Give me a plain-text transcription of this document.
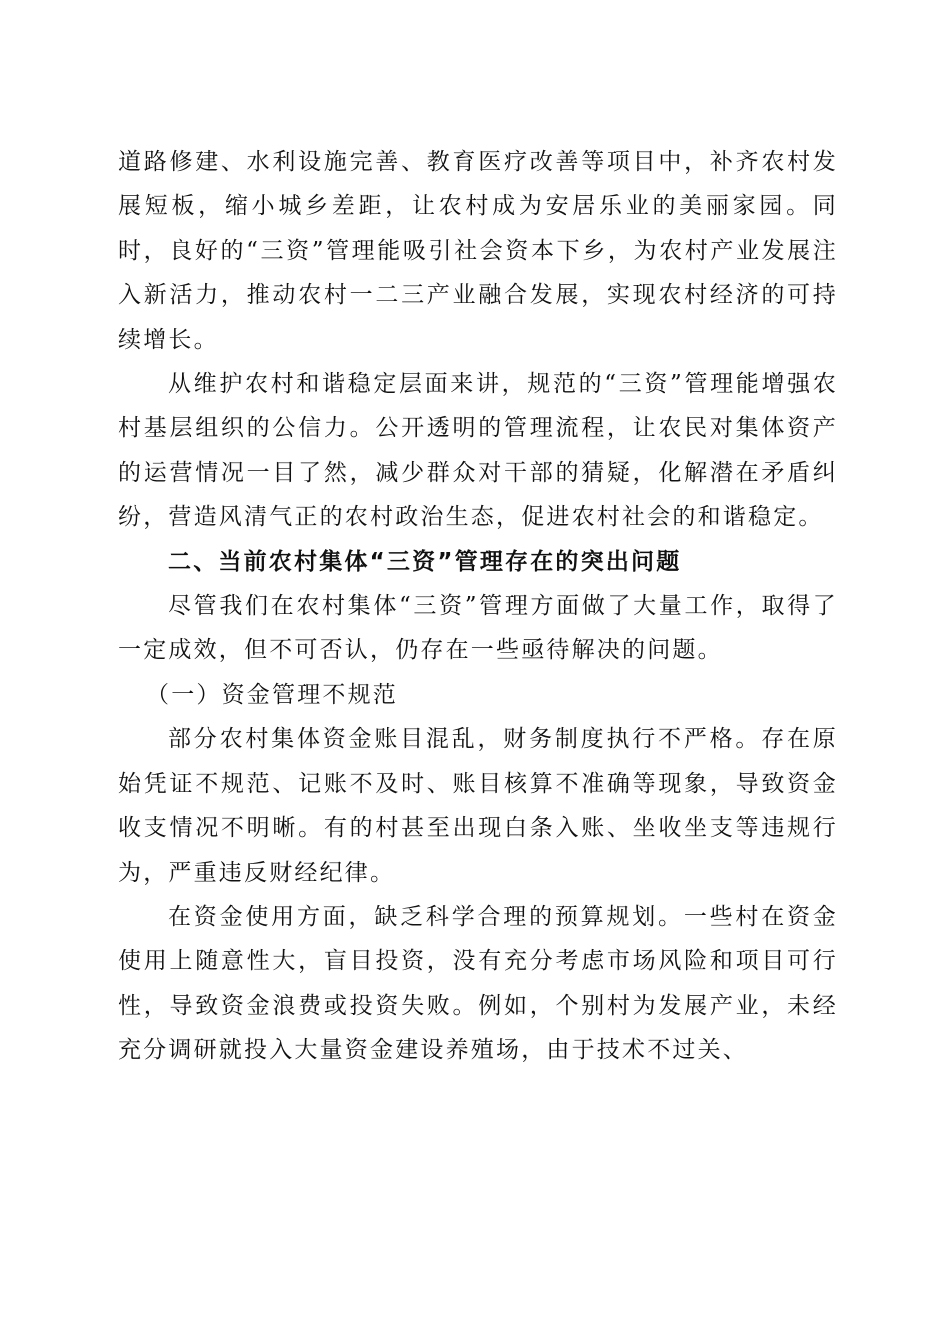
道路修建、水利设施完善、教育医疗改善等项目中，补齐农村发展短板，缩小城乡差距，让农村成为安居乐业的美丽家园。同时，良好的“三资”管理能吸引社会资本下乡，为农村产业发展注入新活力，推动农村一二三产业融合发展，实现农村经济的可持续增长。

从维护农村和谐稳定层面来讲，规范的“三资”管理能增强农村基层组织的公信力。公开透明的管理流程，让农民对集体资产的运营情况一目了然，减少群众对干部的猜疑，化解潜在矛盾纠纷，营造风清气正的农村政治生态，促进农村社会的和谐稳定。

二、当前农村集体“三资”管理存在的突出问题

尽管我们在农村集体“三资”管理方面做了大量工作，取得了一定成效，但不可否认，仍存在一些亟待解决的问题。

（一）资金管理不规范

部分农村集体资金账目混乱，财务制度执行不严格。存在原始凭证不规范、记账不及时、账目核算不准确等现象，导致资金收支情况不明晰。有的村甚至出现白条入账、坐收坐支等违规行为，严重违反财经纪律。

在资金使用方面，缺乏科学合理的预算规划。一些村在资金使用上随意性大，盲目投资，没有充分考虑市场风险和项目可行性，导致资金浪费或投资失败。例如，个别村为发展产业，未经充分调研就投入大量资金建设养殖场，由于技术不过关、
